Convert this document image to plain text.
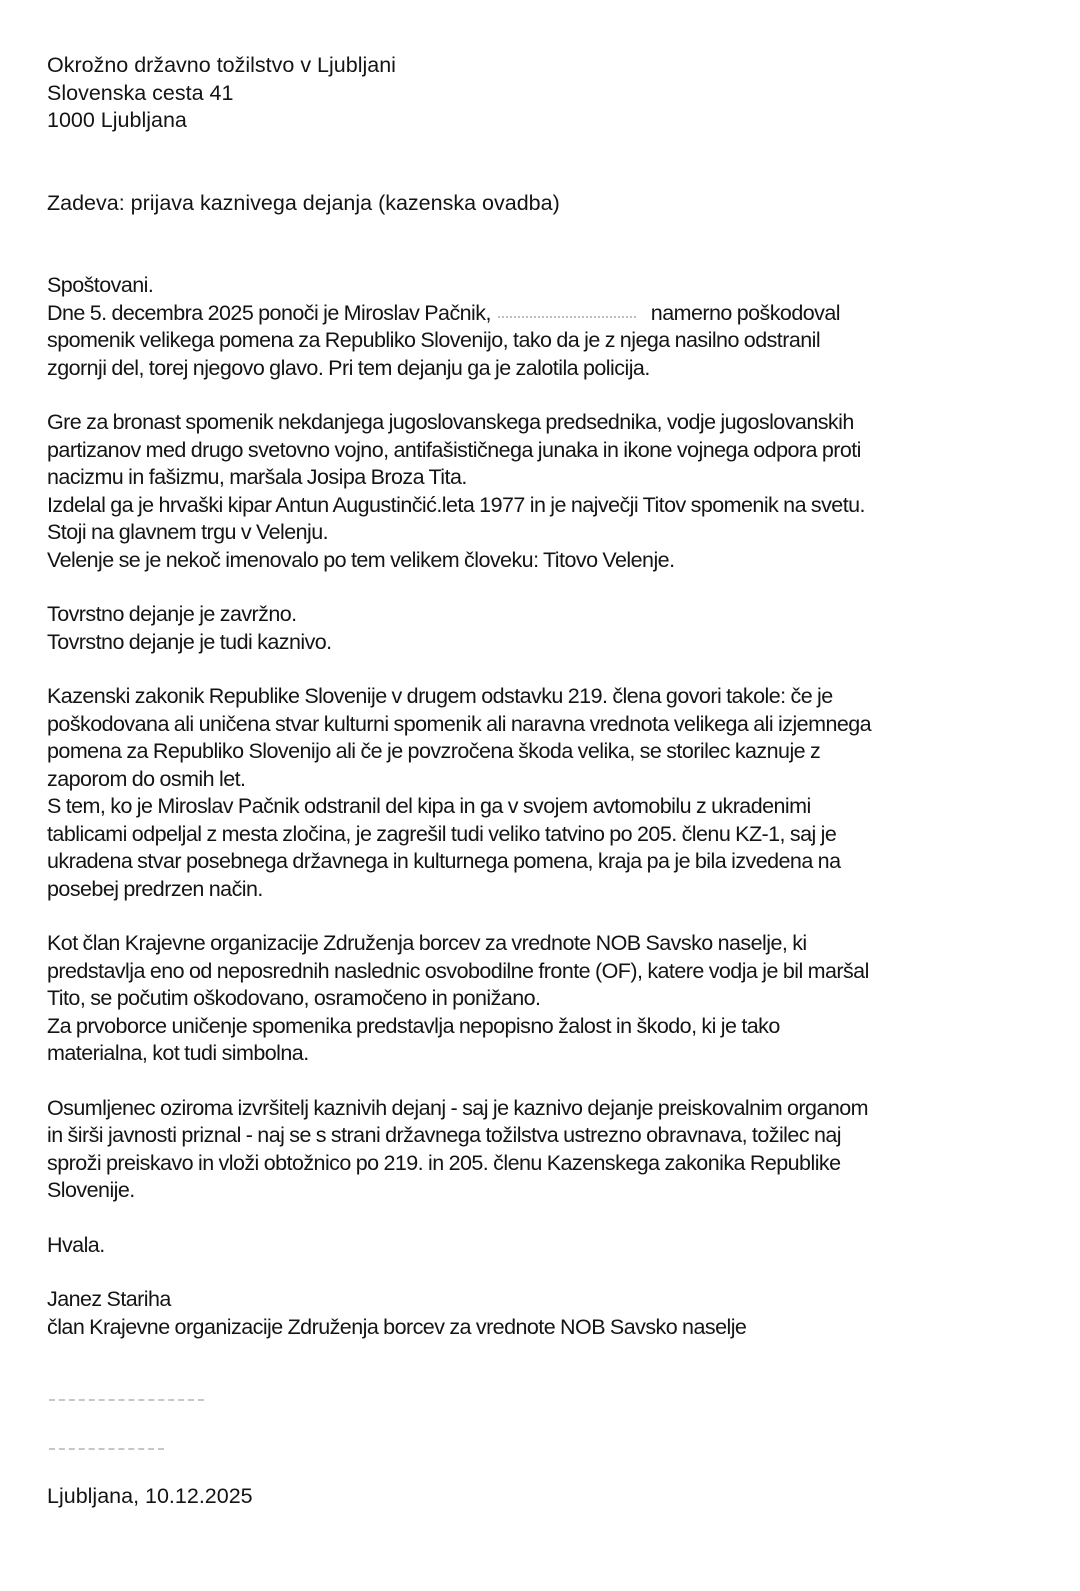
Okrožno državno tožilstvo v Ljubljani
Slovenska cesta 41
1000 Ljubljana
Zadeva: prijava kaznivega dejanja (kazenska ovadba)
Spoštovani.
Dne 5. decembra 2025 ponoči je Miroslav Pačnik,	namerno poškodoval
spomenik velikega pomena za Republiko Slovenijo, tako da je z njega nasilno odstranil
zgornji del, torej njegovo glavo. Pri tem dejanju ga je zalotila policija.
Gre za bronast spomenik nekdanjega jugoslovanskega predsednika, vodje jugoslovanskih
partizanov med drugo svetovno vojno, antifašističnega junaka in ikone vojnega odpora proti
nacizmu in fašizmu, maršala Josipa Broza Tita.
Izdelal ga je hrvaški kipar Antun Augustinčić.leta 1977 in je največji Titov spomenik na svetu.
Stoji na glavnem trgu v Velenju.
Velenje se je nekoč imenovalo po tem velikem človeku: Titovo Velenje.
Tovrstno dejanje je zavržno.
Tovrstno dejanje je tudi kaznivo.
Kazenski zakonik Republike Slovenije v drugem odstavku 219. člena govori takole: če je
poškodovana ali uničena stvar kulturni spomenik ali naravna vrednota velikega ali izjemnega
pomena za Republiko Slovenijo ali če je povzročena škoda velika, se storilec kaznuje z
zaporom do osmih let.
S tem, ko je Miroslav Pačnik odstranil del kipa in ga v svojem avtomobilu z ukradenimi
tablicami odpeljal z mesta zločina, je zagrešil tudi veliko tatvino po 205. členu KZ-1, saj je
ukradena stvar posebnega državnega in kulturnega pomena, kraja pa je bila izvedena na
posebej predrzen način.
Kot član Krajevne organizacije Združenja borcev za vrednote NOB Savsko naselje, ki
predstavlja eno od neposrednih naslednic osvobodilne fronte (OF), katere vodja je bil maršal
Tito, se počutim oškodovano, osramočeno in ponižano.
Za prvoborce uničenje spomenika predstavlja nepopisno žalost in škodo, ki je tako
materialna, kot tudi simbolna.
Osumljenec oziroma izvršitelj kaznivih dejanj - saj je kaznivo dejanje preiskovalnim organom
in širši javnosti priznal - naj se s strani državnega tožilstva ustrezno obravnava, tožilec naj
sproži preiskavo in vloži obtožnico po 219. in 205. členu Kazenskega zakonika Republike
Slovenije.
Hvala.
Janez Stariha
član Krajevne organizacije Združenja borcev za vrednote NOB Savsko naselje
Ljubljana, 10.12.2025
